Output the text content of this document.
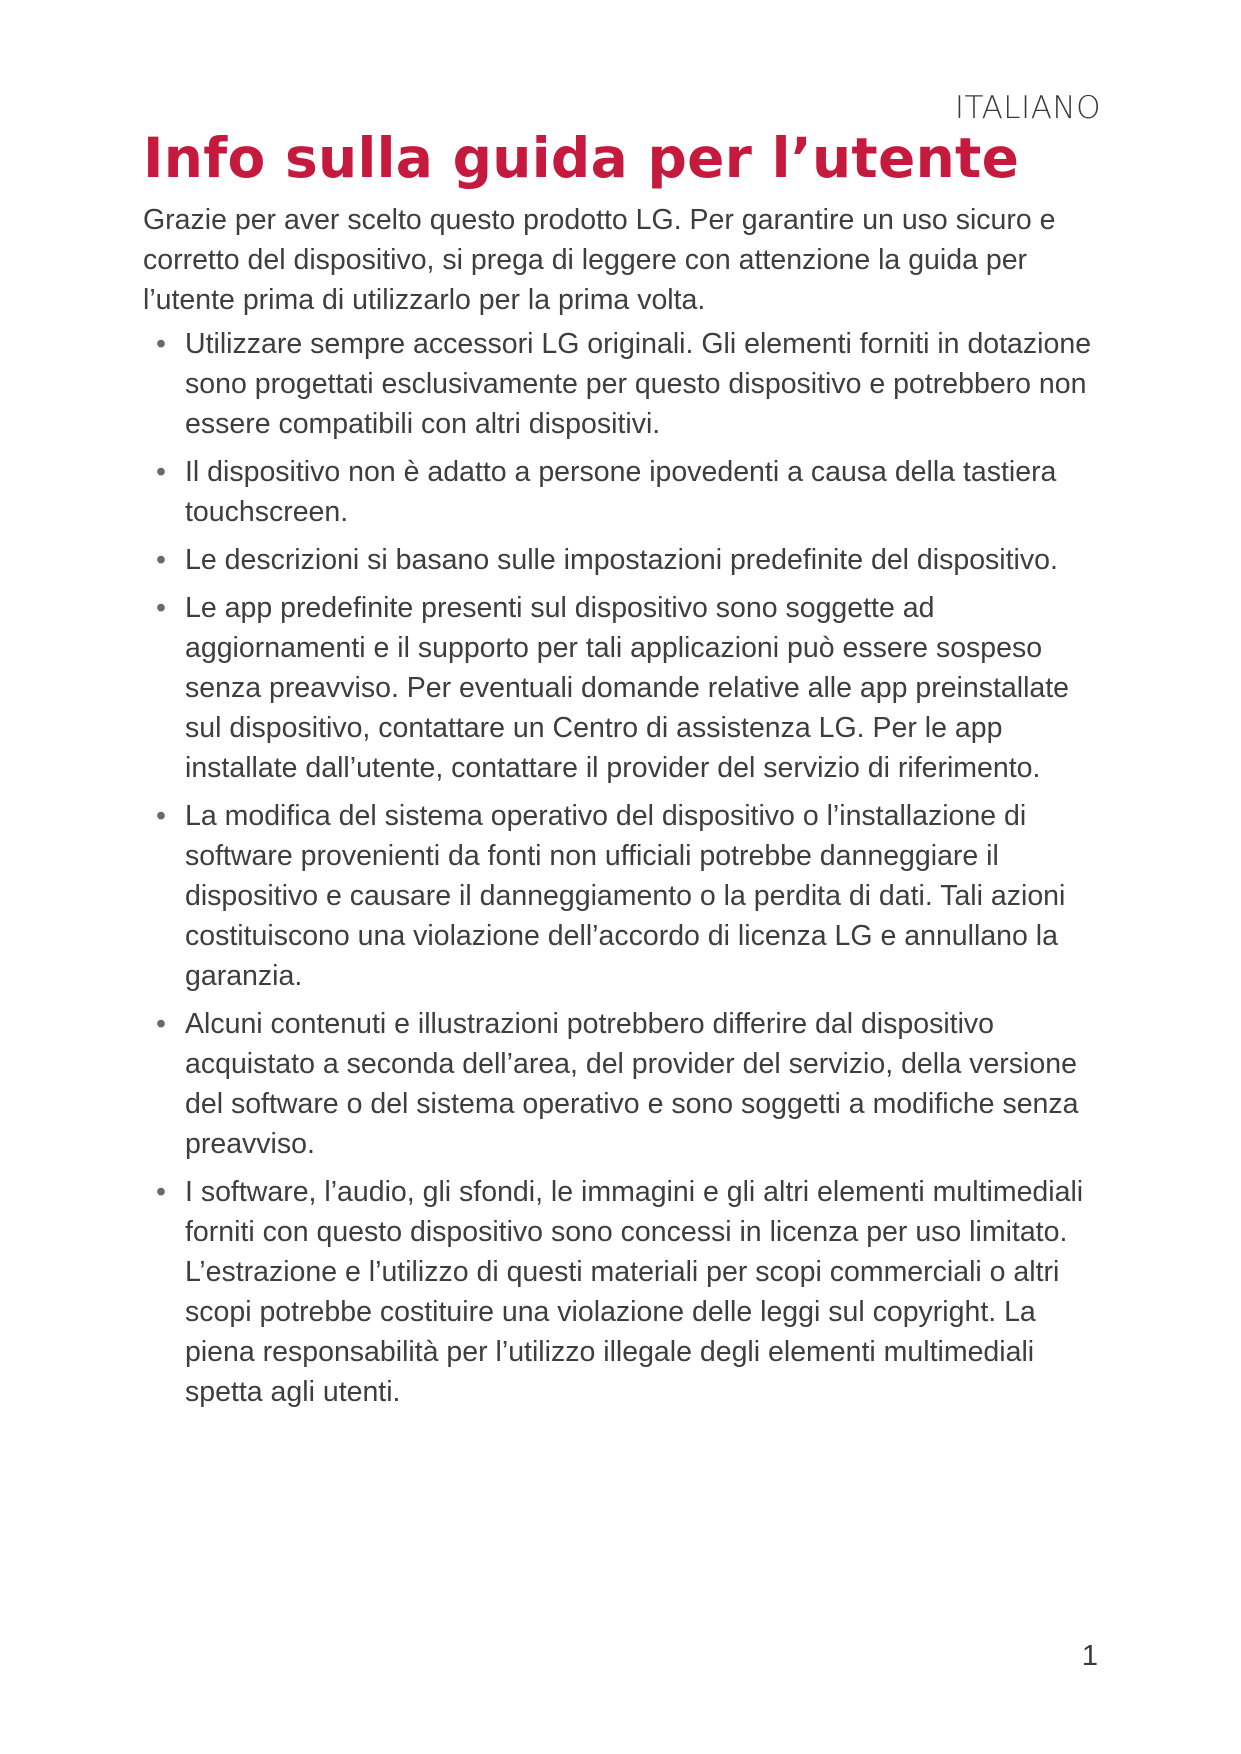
ITALIANO
Info sulla guida per l’utente

Grazie per aver scelto questo prodotto LG. Per garantire un uso sicuro e corretto del dispositivo, si prega di leggere con attenzione la guida per l’utente prima di utilizzarlo per la prima volta.

• Utilizzare sempre accessori LG originali. Gli elementi forniti in dotazione sono progettati esclusivamente per questo dispositivo e potrebbero non essere compatibili con altri dispositivi.
• Il dispositivo non è adatto a persone ipovedenti a causa della tastiera touchscreen.
• Le descrizioni si basano sulle impostazioni predefinite del dispositivo.
• Le app predefinite presenti sul dispositivo sono soggette ad aggiornamenti e il supporto per tali applicazioni può essere sospeso senza preavviso. Per eventuali domande relative alle app preinstallate sul dispositivo, contattare un Centro di assistenza LG. Per le app installate dall’utente, contattare il provider del servizio di riferimento.
• La modifica del sistema operativo del dispositivo o l’installazione di software provenienti da fonti non ufficiali potrebbe danneggiare il dispositivo e causare il danneggiamento o la perdita di dati. Tali azioni costituiscono una violazione dell’accordo di licenza LG e annullano la garanzia.
• Alcuni contenuti e illustrazioni potrebbero differire dal dispositivo acquistato a seconda dell’area, del provider del servizio, della versione del software o del sistema operativo e sono soggetti a modifiche senza preavviso.
• I software, l’audio, gli sfondi, le immagini e gli altri elementi multimediali forniti con questo dispositivo sono concessi in licenza per uso limitato. L’estrazione e l’utilizzo di questi materiali per scopi commerciali o altri scopi potrebbe costituire una violazione delle leggi sul copyright. La piena responsabilità per l’utilizzo illegale degli elementi multimediali spetta agli utenti.
1
